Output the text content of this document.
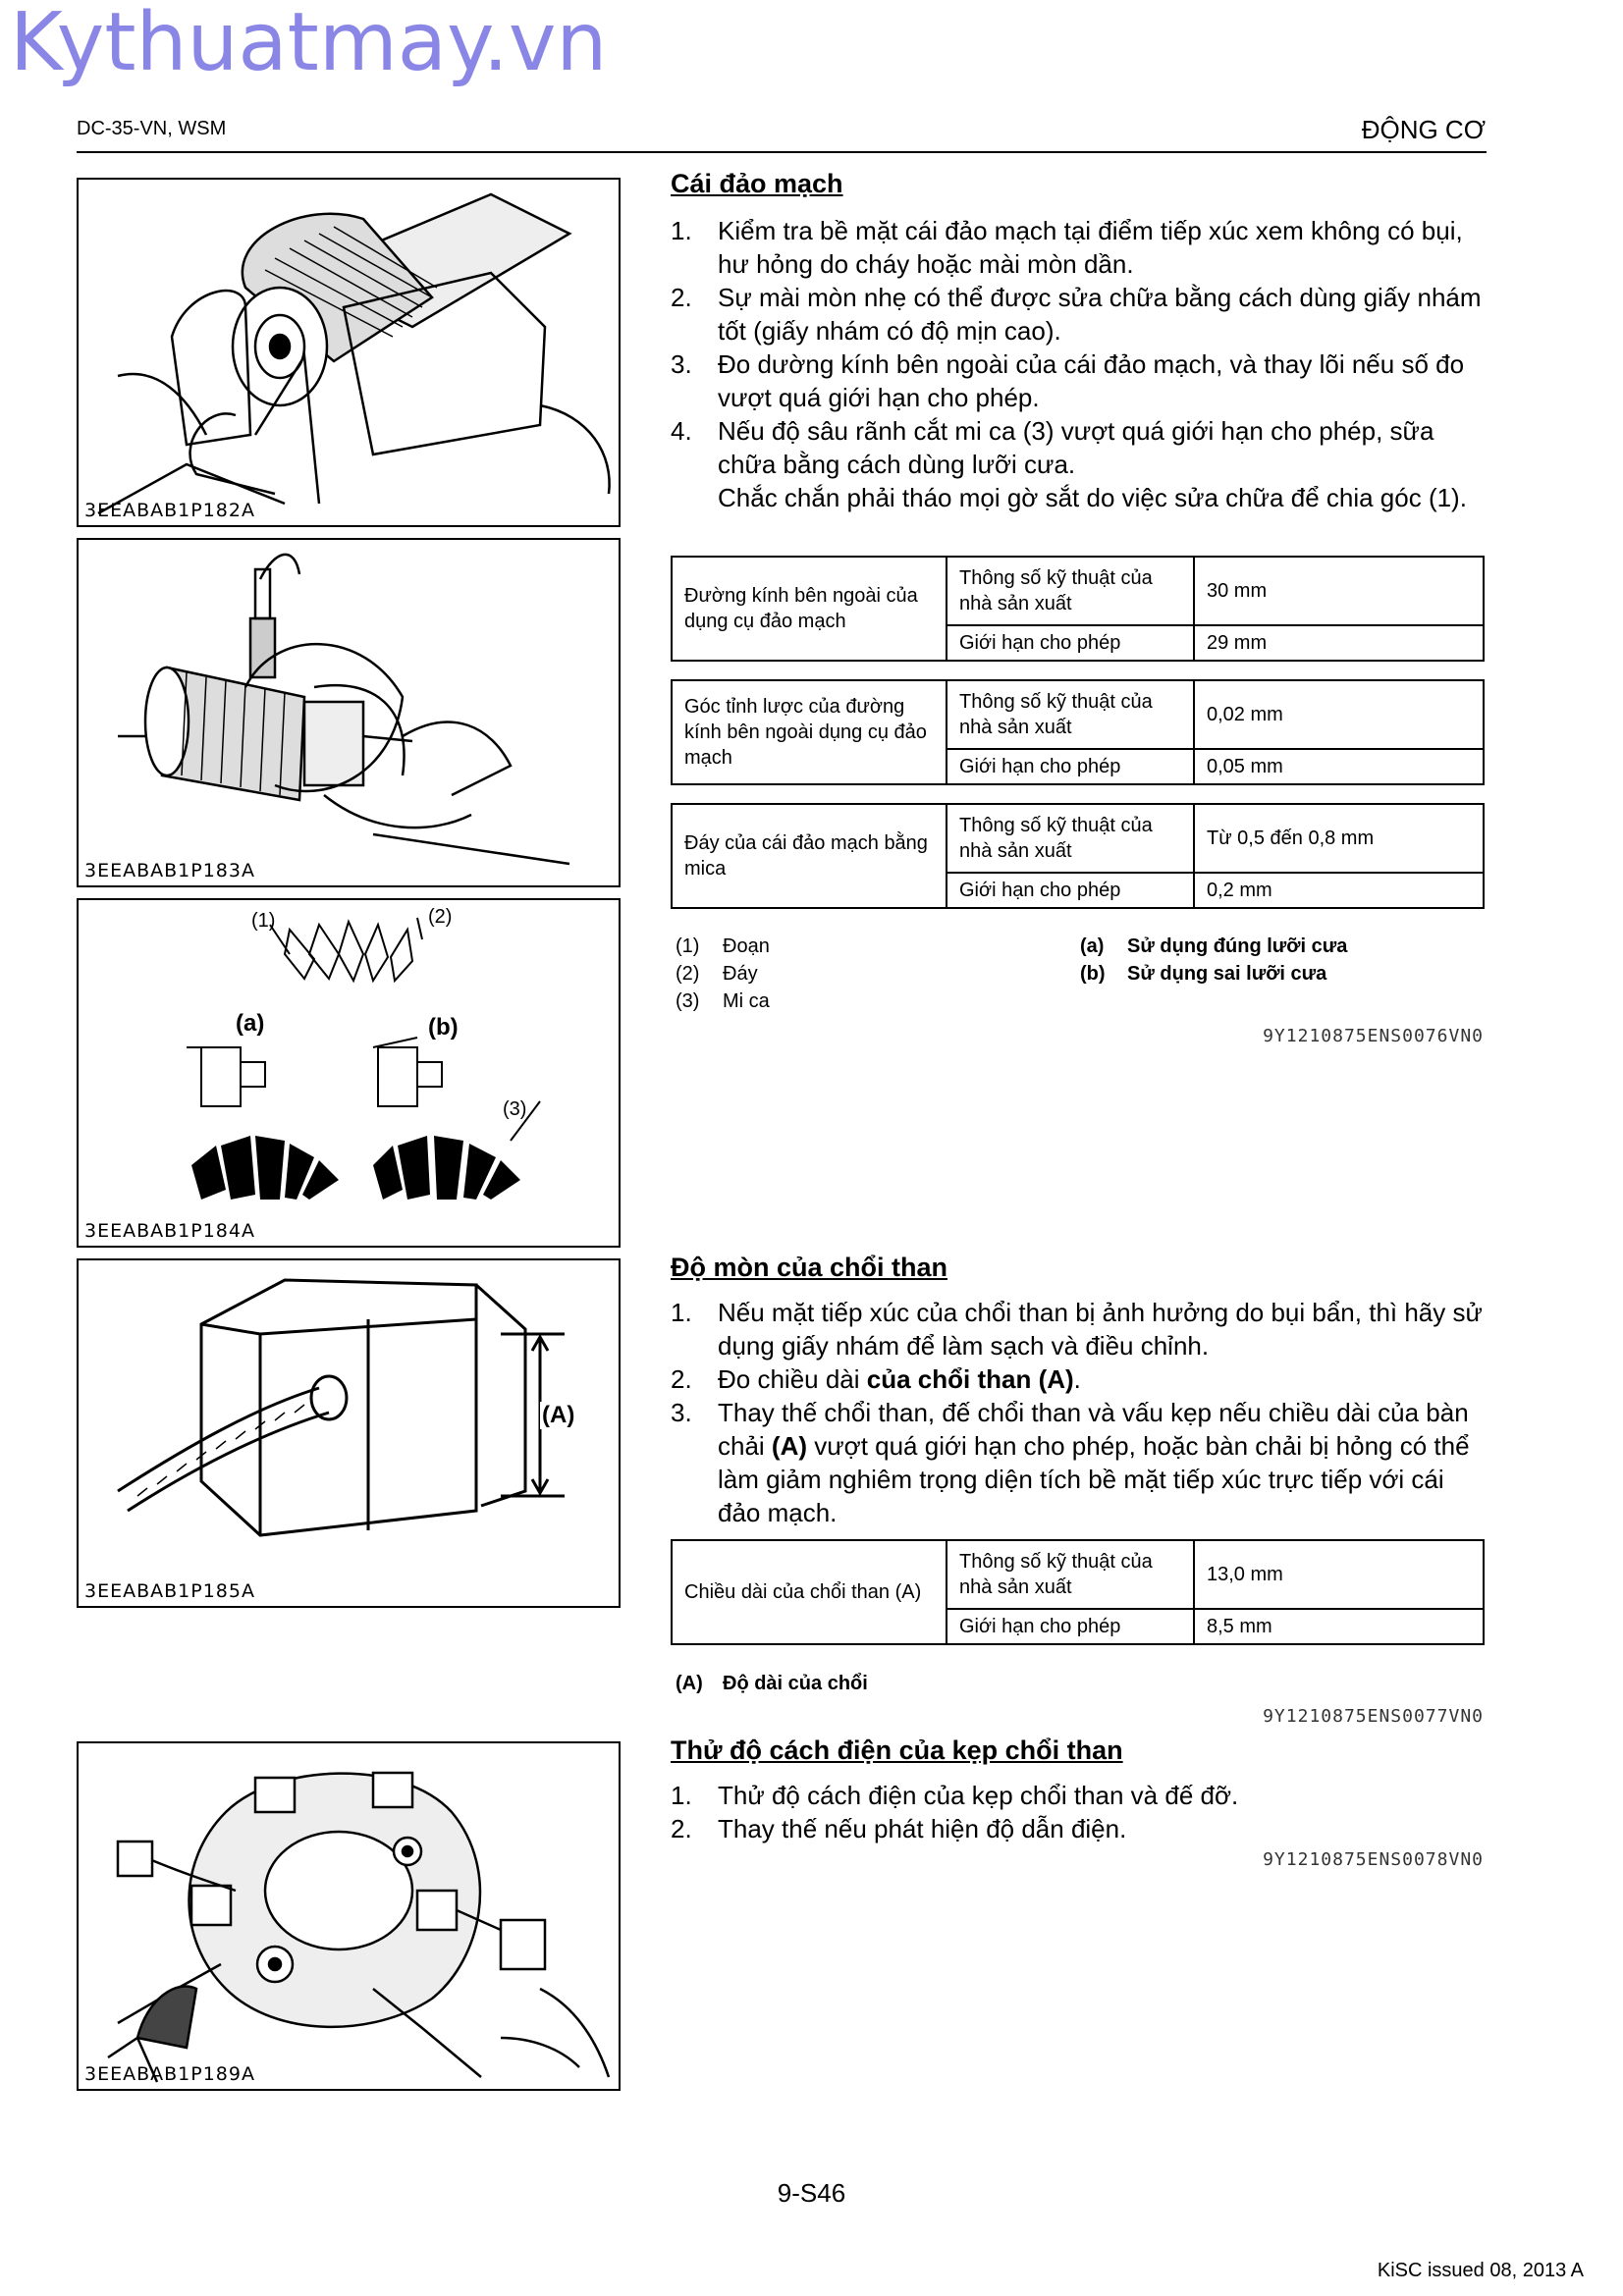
Kythuatmay.vn
DC-35-VN, WSM	ĐỘNG CƠ
3EEABAB1P182A
3EEABAB1P183A
(1)	(2)
(a)	(b)
(3)
3EEABAB1P184A
(A)
3EEABAB1P185A
3EEABAB1P189A
Cái đảo mạch
1.	Kiểm tra bề mặt cái đảo mạch tại điểm tiếp xúc xem không có bụi, hư hỏng do cháy hoặc mài mòn dần.
2.	Sự mài mòn nhẹ có thể được sửa chữa bằng cách dùng giấy nhám tốt (giấy nhám có độ mịn cao).
3.	Đo dường kính bên ngoài của cái đảo mạch, và thay lõi nếu số đo vượt quá giới hạn cho phép.
4.	Nếu độ sâu rãnh cắt mi ca (3) vượt quá giới hạn cho phép, sữa chữa bằng cách dùng lưỡi cưa.
Chắc chắn phải tháo mọi gờ sắt do việc sửa chữa để chia góc (1).
Đường kính bên ngoài của dụng cụ đảo mạch	Thông số kỹ thuật của nhà sản xuất	30 mm
	Giới hạn cho phép	29 mm
Góc tỉnh lược của đường kính bên ngoài dụng cụ đảo mạch	Thông số kỹ thuật của nhà sản xuất	0,02 mm
	Giới hạn cho phép	0,05 mm
Đáy của cái đảo mạch bằng mica	Thông số kỹ thuật của nhà sản xuất	Từ 0,5 đến 0,8 mm
	Giới hạn cho phép	0,2 mm
(1)	Đoạn
(2)	Đáy
(3)	Mi ca
(a)	Sử dụng đúng lưỡi cưa
(b)	Sử dụng sai lưỡi cưa
9Y1210875ENS0076VN0
Độ mòn của chổi than
1.	Nếu mặt tiếp xúc của chổi than bị ảnh hưởng do bụi bẩn, thì hãy sử dụng giấy nhám để làm sạch và điều chỉnh.
2.	Đo chiều dài của chổi than (A).
3.	Thay thế chổi than, đế chổi than và vấu kẹp nếu chiều dài của bàn chải (A) vượt quá giới hạn cho phép, hoặc bàn chải bị hỏng có thể làm giảm nghiêm trọng diện tích bề mặt tiếp xúc trực tiếp với cái đảo mạch.
Chiều dài của chổi than (A)	Thông số kỹ thuật của nhà sản xuất	13,0 mm
	Giới hạn cho phép	8,5 mm
(A)	Độ dài của chổi
9Y1210875ENS0077VN0
Thử độ cách điện của kẹp chổi than
1.	Thử độ cách điện của kẹp chổi than và đế đỡ.
2.	Thay thế nếu phát hiện độ dẫn điện.
9Y1210875ENS0078VN0
9-S46
KiSC issued 08, 2013 A
